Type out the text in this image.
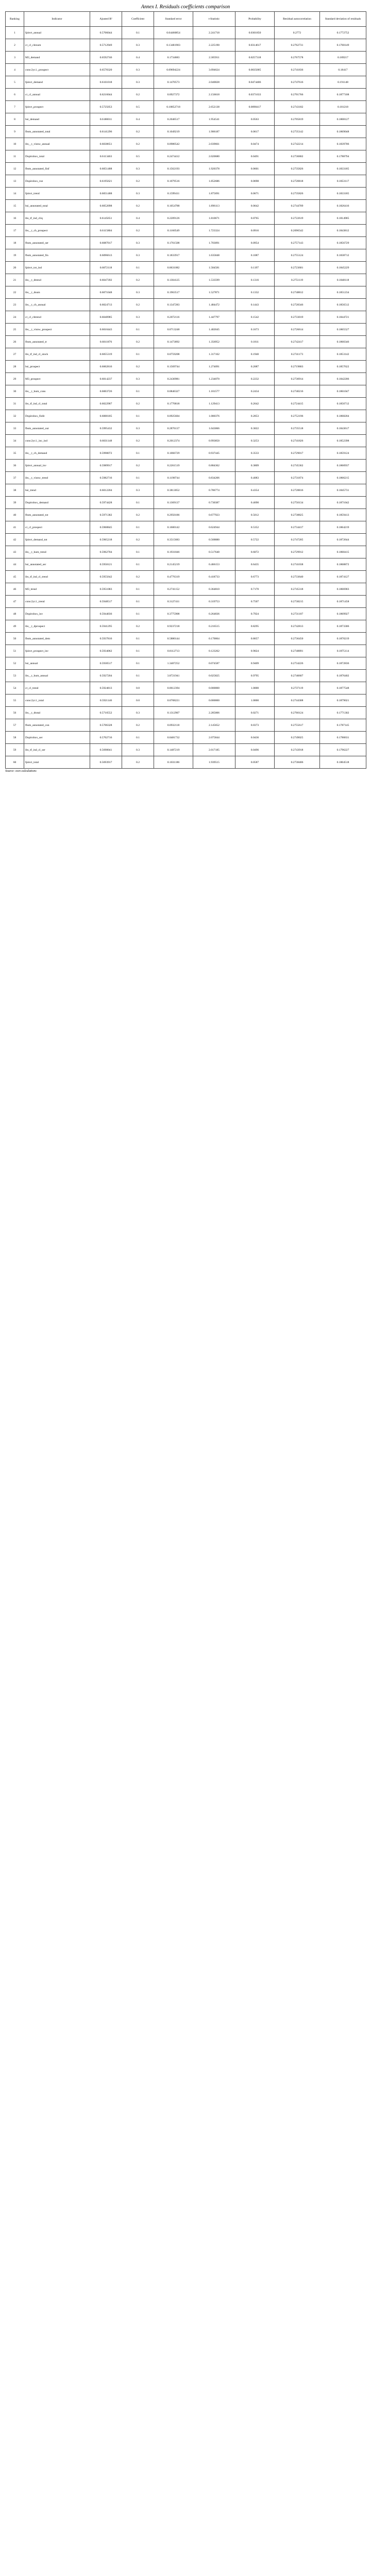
Annex I. Residuals coefficients comparison
Ranking	Indicator	Ajusted R²	Coefficient	Standard error	t-Statistic	Probability	Residual autocorrelation	Standard deviation of residuals
1	fpinvt_annual	0.5706044	0.1	0.04460854	2.241718	0.0301850	0.2772	0.1772752
2	cr_cl_chrsum	0.5712949	0.3	0.13481903	2.225190	0.0314617	0.2762731	0.1760149
3	M3_demand	0.6592746	0.4	0.1734683	2.305911	0.0257318	0.2767578	0.189217
4	cons:2yr.l._prospect	0.6578320	0.3	0.09694224	3.094624	0.0035005	0.2741836	0.18417
5	fpinvt_demand	0.6161018	0.3	0.1470573	2.040028	0.0474406	0.2747616	0.191148
6	cr_cl_annual	0.6216044	0.2	0.0927372	2.156618	0.0371633	0.2701766	0.1877108
7	fpinvt_prospect	0.5725053	0.5	0.18852718	2.652138	0.0098417	0.2743182	0.181218
8	bsi_demand	0.6180011	0.4	0.2046517	1.954541	0.0563	0.2705819	0.1808127
9	fbsm_annotated_total	0.6141296	0.2	0.1049219	1.906187	0.0617	0.2735142	0.1869048
10	ibs__t_visnw_annual	0.6038651	0.2	0.0980542	2.039661	0.0474	0.2742214	0.1839706
11	Dopirobox_total	0.6113463	0.5	0.2474412	2.020680	0.0491	0.2736802	0.1788794
12	fbsm_annotated_finf	0.6051488	0.3	0.1562193	1.920378	0.0601	0.2735826	0.1833185
13	Dopirobox_roe	0.6195621	0.2	0.1079516	1.852686	0.0698	0.2720818	0.1853117
14	fpinvt_trend	0.6051488	0.3	0.1599411	1.875691	0.0671	0.2735826	0.1833185
15	bsi_annotated_total	0.6052098	0.2	0.1054788	1.896113	0.0642	0.2744709	0.1826416
16	ibs_tf_ind_cliq	0.6145651	0.4	0.2209126	1.810671	0.0765	0.2722619	0.1814905
17	ibs__t_ch_prospect	0.6115804	0.2	0.1160549	1.723324	0.0916	0.2696542	0.1843812
18	fbsm_annotated_ser	0.6087017	0.3	0.1761508	1.703091	0.0954	0.2757143	0.1856729
19	fbsm_annotated_fin	0.6096613	0.3	0.1833917	1.635848	0.1087	0.2755124	0.1838712
20	fpinvt_tot_ind	0.6072118	0.1	0.0631082	1.584581	0.1197	0.2723601	0.1845229
21	ibs__t_dtrend	0.6047392	0.2	0.1304125	1.533599	0.1316	0.2751119	0.1848118
22	ibs__t_dsum	0.6071048	0.3	0.1963517	1.527871	0.1332	0.2748812	0.1851234
23	ibs__t_ch_annual	0.6024713	0.2	0.1347283	1.484472	0.1443	0.2728346	0.1856512
24	cr_cl_chtrend	0.6040985	0.3	0.2072116	1.447797	0.1542	0.2733019	0.1844721
25	ibs__t_visnw_prospect	0.6010443	0.1	0.0713248	1.402045	0.1673	0.2726614	0.1865527
26	fbsm_annotated_tr	0.6011876	0.2	0.1473892	1.356952	0.1811	0.2742417	0.1860346
27	ibs_tf_ind_cl_stock	0.6055319	0.1	0.0759208	1.317162	0.1940	0.2741173	0.1853142
28	bsi_prospect	0.6002816	0.2	0.1569744	1.274091	0.2087	0.2719803	0.1857622
29	M3_prospect	0.6014237	0.3	0.2430981	1.234070	0.2232	0.2730914	0.1842206
30	ibs__t_hum_cons	0.6003726	0.1	0.0846327	1.181577	0.2434	0.2740216	0.1861047
31	ibs_tf_ind_cl_total	0.6022907	0.2	0.1770818	1.129413	0.2642	0.2724415	0.1850712
32	Dopirobox_finfe	0.6000185	0.1	0.0925604	1.080376	0.2853	0.2752196	0.1868204
33	fbsm_annotated_out	0.5995432	0.3	0.2876137	1.043066	0.3022	0.2735518	0.1843617
34	cons:2yr.l._inc_ind	0.6031148	0.2	0.2012374	0.993850	0.3253	0.2741826	0.1852398
35	ibs__t_ch_demand	0.5998072	0.1	0.1066729	0.937445	0.3533	0.2729017	0.1859124
36	fpinvt_annual_inv	0.5989917	0.2	0.2261519	0.884362	0.3809	0.2745362	0.1860937
37	ibs__t_visnw_trend	0.5982716	0.1	0.1198744	0.834206	0.4083	0.2731874	0.1866215
38	bsi_trend	0.6012204	0.3	0.3813052	0.786774	0.4354	0.2728816	0.1845731
39	Dopirobox_demand	0.5974428	0.1	0.1369137	0.730387	0.4690	0.2750134	0.1871042
40	fbsm_annotated_tot	0.5971382	0.2	0.2950186	0.677923	0.5012	0.2738825	0.1859413
41	cr_cl_prospect	0.5968845	0.1	0.1600142	0.624944	0.5352	0.2734417	0.1864219
42	fpinvt_demand_tot	0.5965218	0.2	0.3515683	0.568880	0.5722	0.2747205	0.1872644
43	ibs__t_hum_trend	0.5962704	0.1	0.1931846	0.517640	0.6072	0.2729912	0.1860415
44	bsi_annotated_ser	0.5958121	0.1	0.2145219	0.466153	0.6435	0.2741038	0.1868872
45	ibs_tf_ind_cl_trend	0.5955642	0.2	0.4776319	0.418733	0.6773	0.2733640	0.1874127
46	M3_trend	0.5951083	0.1	0.2741152	0.364810	0.7170	0.2745318	0.1866903
47	cons:2yr.l._trend	0.5948517	0.1	0.3127411	0.319753	0.7507	0.2738215	0.1871458
48	Dopirobox_inv	0.5944036	0.1	0.3775908	0.264836	0.7924	0.2731107	0.1869927
49	ibs__t_dprospect	0.5941295	0.2	0.9237218	0.216515	0.8295	0.2742813	0.1873306
50	fbsm_annotated_dem	0.5937816	0.1	0.5880144	0.170064	0.8657	0.2736450	0.1870219
51	fpinvt_prospect_inv	0.5934062	0.1	0.8112713	0.123262	0.9024	0.2748891	0.1875114
52	bsi_annual	0.5930517	0.1	1.3407252	0.074587	0.9409	0.2734226	0.1872836
53	ibs__t_hum_annual	0.5927204	0.1	3.8721941	0.025825	0.9795	0.2740607	0.1876402
54	cr_cl_trend	0.5924813	0.0	0.0612394	0.000000	1.0000	0.2737119	0.1877548
55	cons:2yr.l._total	0.5921146	0.0	0.0708221	0.000000	1.0000	0.2744308	0.1879021
56	ibs__t_dtotal	0.5710552	0.3	0.1312907	2.285006	0.0271	0.2760124	0.1771302
57	fbsm_annotated_con	0.5706328	0.2	0.0932118	2.145652	0.0373	0.2755617	0.1787145
58	Dopirobox_ser	0.5702716	0.1	0.0481732	2.075844	0.0436	0.2749025	0.1780631
59	ibs_tf_ind_cl_ser	0.5698041	0.3	0.1487219	2.017185	0.0496	0.2743918	0.1796227
60	fpinvt_total	0.5693917	0.2	0.1031186	1.939515	0.0587	0.2738406	0.1804518
Source: own calculations
